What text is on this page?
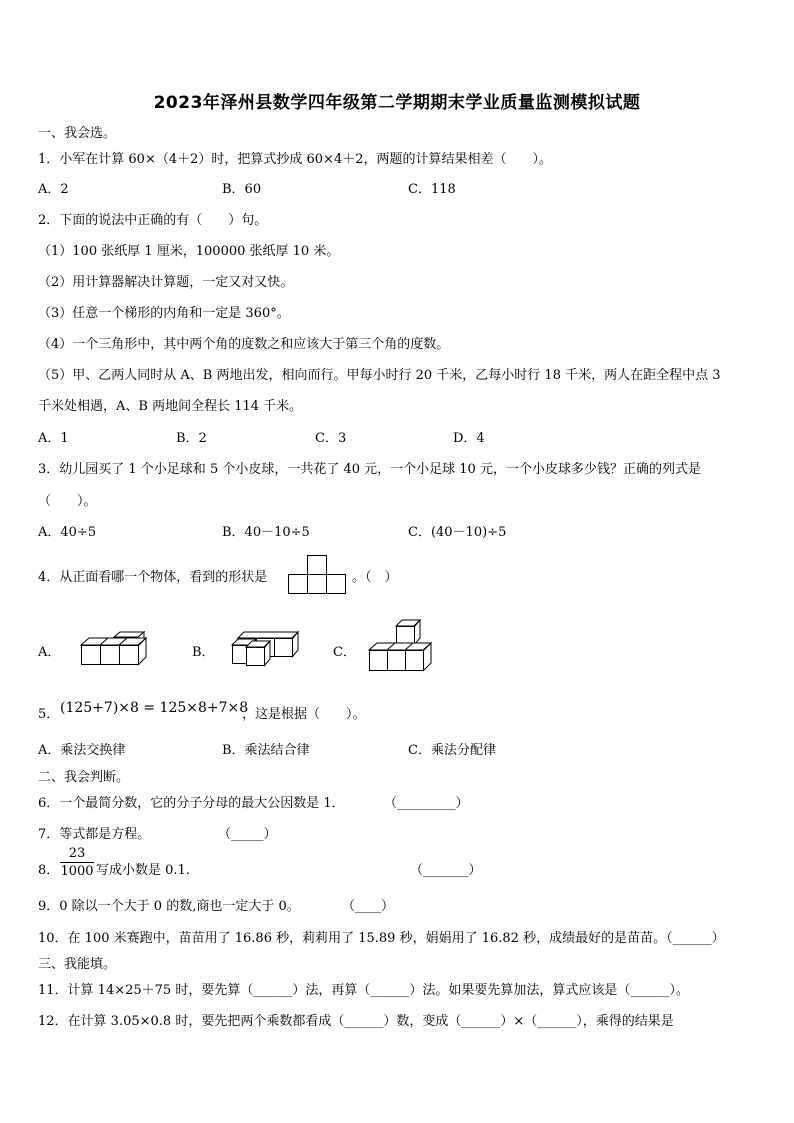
2023年泽州县数学四年级第二学期期末学业质量监测模拟试题
一、我会选。
1．小军在计算 60×（4＋2）时，把算式抄成 60×4＋2，两题的计算结果相差（　　）。
A．2	B．60	C．118
2．下面的说法中正确的有（　　）句。
（1）100 张纸厚 1 厘米，100000 张纸厚 10 米。
（2）用计算器解决计算题，一定又对又快。
（3）任意一个梯形的内角和一定是 360°。
（4）一个三角形中，其中两个角的度数之和应该大于第三个角的度数。
（5）甲、乙两人同时从 A、B 两地出发，相向而行。甲每小时行 20 千米，乙每小时行 18 千米，两人在距全程中点 3
千米处相遇，A、B 两地间全程长 114 千米。
A．1	B．2	C．3	D．4
3．幼儿园买了 1 个小足球和 5 个小皮球，一共花了 40 元，一个小足球 10 元，一个小皮球多少钱？正确的列式是
（　　）。
A．40÷5	B．40－10÷5	C．(40－10)÷5
4．从正面看哪一个物体，看到的形状是	。（　）
A．	B．	C．
5． (125+7)×8 = 125×8+7×8
，这是根据（　　）。
A．乘法交换律	B．乘法结合律	C．乘法分配律
二、我会判断。
6．一个最简分数，它的分子分母的最大公因数是 1．	（_________）
7．等式都是方程。	（_____）
8．
23
1000 写成小数是 0.1.	（_______）
9．0 除以一个大于 0 的数,商也一定大于 0。	（____）
10．在 100 米赛跑中，苗苗用了 16.86 秒，莉莉用了 15.89 秒，娟娟用了 16.82 秒，成绩最好的是苗苗。（______）
三、我能填。
11．计算 14×25＋75 时，要先算（______）法，再算（______）法。如果要先算加法，算式应该是（______）。
12．在计算 3.05×0.8 时，要先把两个乘数都看成（______）数，变成（______）×（______），乘得的结果是
